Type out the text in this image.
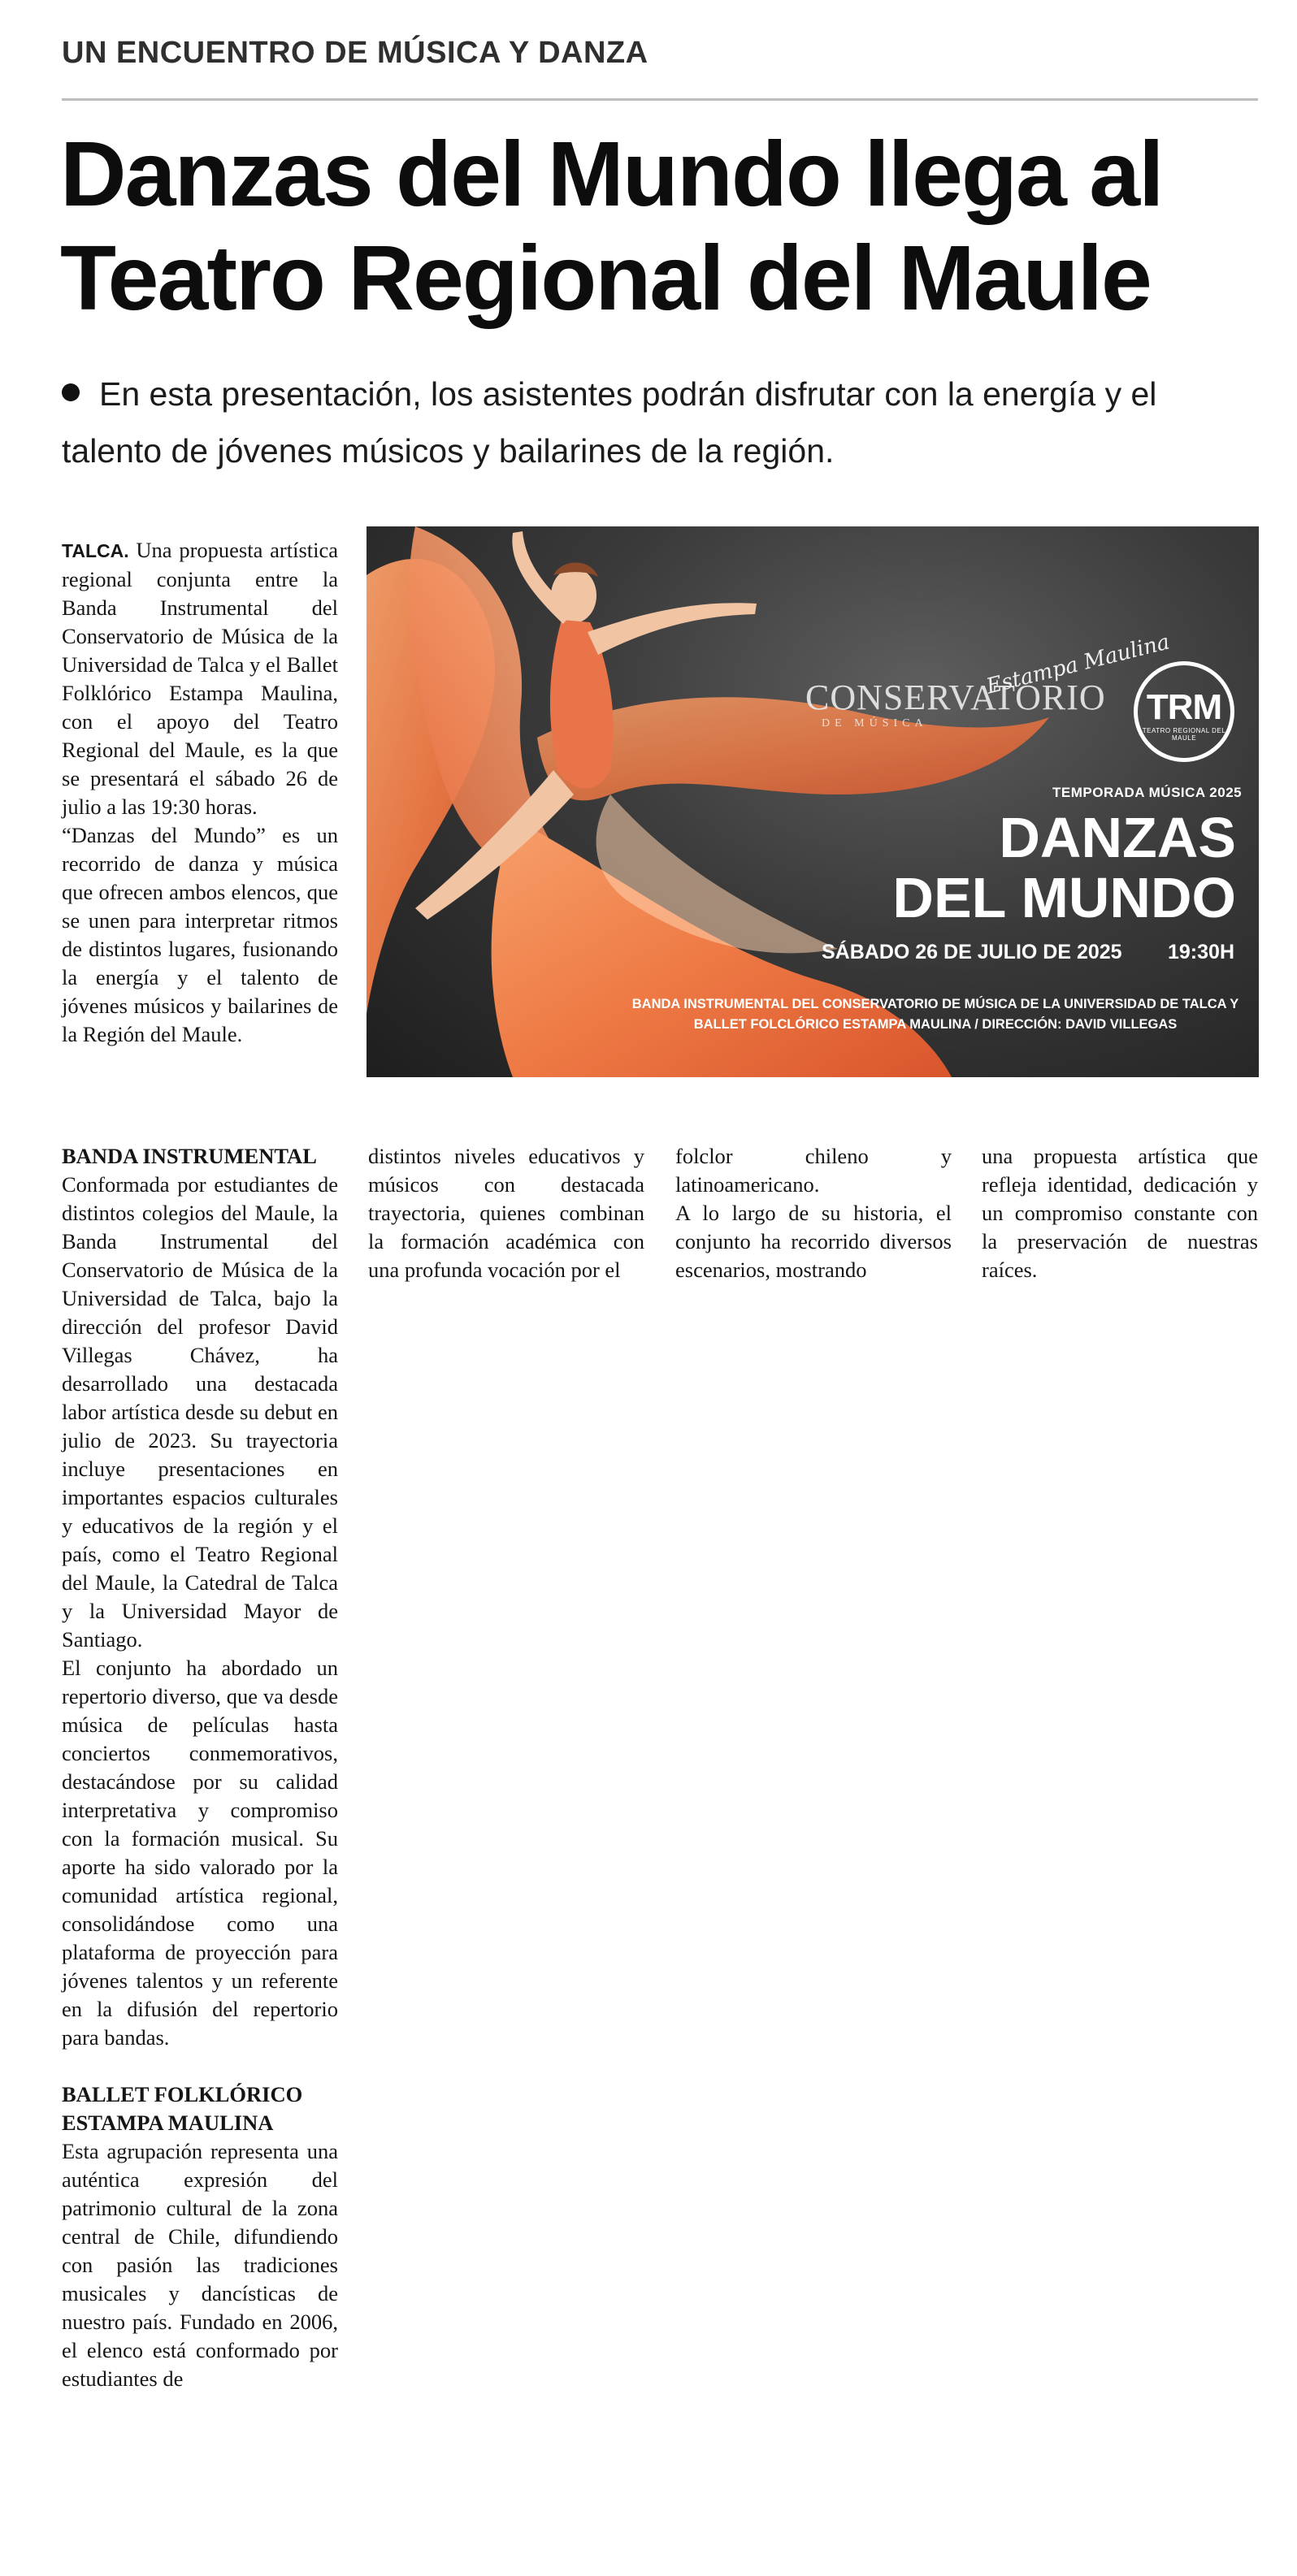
UN ENCUENTRO DE MÚSICA Y DANZA

Danzas del Mundo llega al
Teatro Regional del Maule

En esta presentación, los asistentes podrán disfrutar con la energía y el talento de jóvenes músicos y bailarines de la región.

TALCA. Una propuesta artística regional conjunta entre la Banda Instrumental del Conservatorio de Música de la Universidad de Talca y el Ballet Folklórico Estampa Maulina, con el apoyo del Teatro Regional del Maule, es la que se presentará el sábado 26 de julio a las 19:30 horas.

“Danzas del Mundo” es un recorrido de danza y música que ofrecen ambos elencos, que se unen para interpretar ritmos de distintos lugares, fusionando la energía y el talento de jóvenes músicos y bailarines de la Región del Maule.

CONSERVATORIO
DE MÚSICA
Estampa Maulina
TRM
TEATRO REGIONAL DEL MAULE
TEMPORADA MÚSICA 2025
DANZAS
DEL MUNDO
SÁBADO 26 DE JULIO DE 2025 19:30H
BANDA INSTRUMENTAL DEL CONSERVATORIO DE MÚSICA DE LA UNIVERSIDAD DE TALCA Y BALLET FOLCLÓRICO ESTAMPA MAULINA / DIRECCIÓN: DAVID VILLEGAS

BANDA INSTRUMENTAL

Conformada por estudiantes de distintos colegios del Maule, la Banda Instrumental del Conservatorio de Música de la Universidad de Talca, bajo la dirección del profesor David Villegas Chávez, ha desarrollado una destacada labor artística desde su debut en julio de 2023. Su trayectoria incluye presentaciones en importantes espacios culturales y educativos de la región y el país, como el Teatro Regional del Maule, la Catedral de Talca y la Universidad Mayor de Santiago.

El conjunto ha abordado un repertorio diverso, que va desde música de películas hasta conciertos conmemorativos, destacándose por su calidad interpretativa y compromiso con la formación musical. Su aporte ha sido valorado por la comunidad artística regional, consolidándose como una plataforma de proyección para jóvenes talentos y un referente en la difusión del repertorio para bandas.

BALLET FOLKLÓRICO ESTAMPA MAULINA

Esta agrupación representa una auténtica expresión del patrimonio cultural de la zona central de Chile, difundiendo con pasión las tradiciones musicales y dancísticas de nuestro país. Fundado en 2006, el elenco está conformado por estudiantes de

distintos niveles educativos y músicos con destacada trayectoria, quienes combinan la formación académica con una profunda vocación por el

folclor chileno y latinoamericano.

A lo largo de su historia, el conjunto ha recorrido diversos escenarios, mostrando

una propuesta artística que refleja identidad, dedicación y un compromiso constante con la preservación de nuestras raíces.
